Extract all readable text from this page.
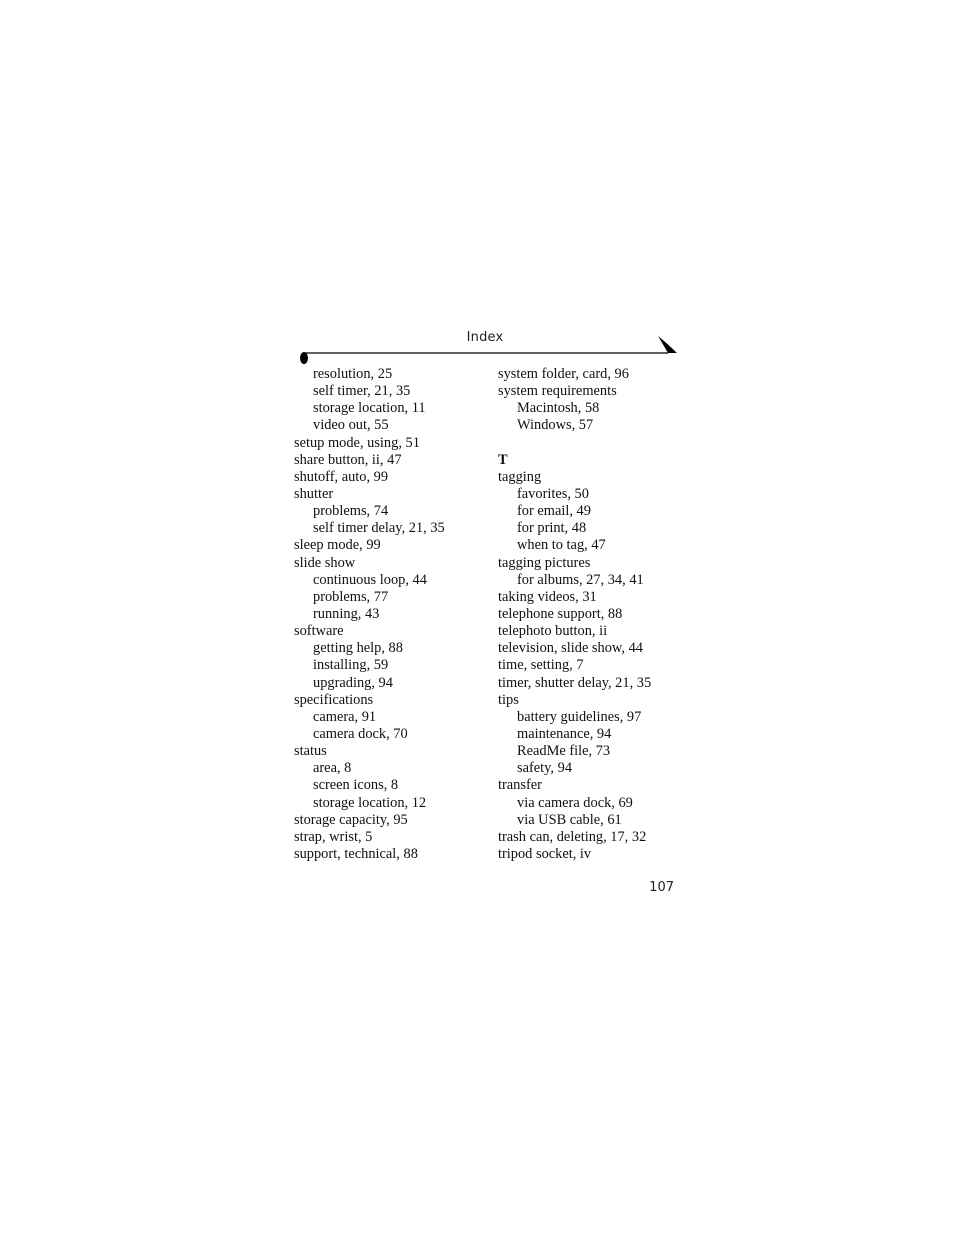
Index
resolution, 25
self timer, 21, 35
storage location, 11
video out, 55
setup mode, using, 51
share button, ii, 47
shutoff, auto, 99
shutter
problems, 74
self timer delay, 21, 35
sleep mode, 99
slide show
continuous loop, 44
problems, 77
running, 43
software
getting help, 88
installing, 59
upgrading, 94
specifications
camera, 91
camera dock, 70
status
area, 8
screen icons, 8
storage location, 12
storage capacity, 95
strap, wrist, 5
support, technical, 88
system folder, card, 96
system requirements
Macintosh, 58
Windows, 57
T
tagging
favorites, 50
for email, 49
for print, 48
when to tag, 47
tagging pictures
for albums, 27, 34, 41
taking videos, 31
telephone support, 88
telephoto button, ii
television, slide show, 44
time, setting, 7
timer, shutter delay, 21, 35
tips
battery guidelines, 97
maintenance, 94
ReadMe file, 73
safety, 94
transfer
via camera dock, 69
via USB cable, 61
trash can, deleting, 17, 32
tripod socket, iv
107
